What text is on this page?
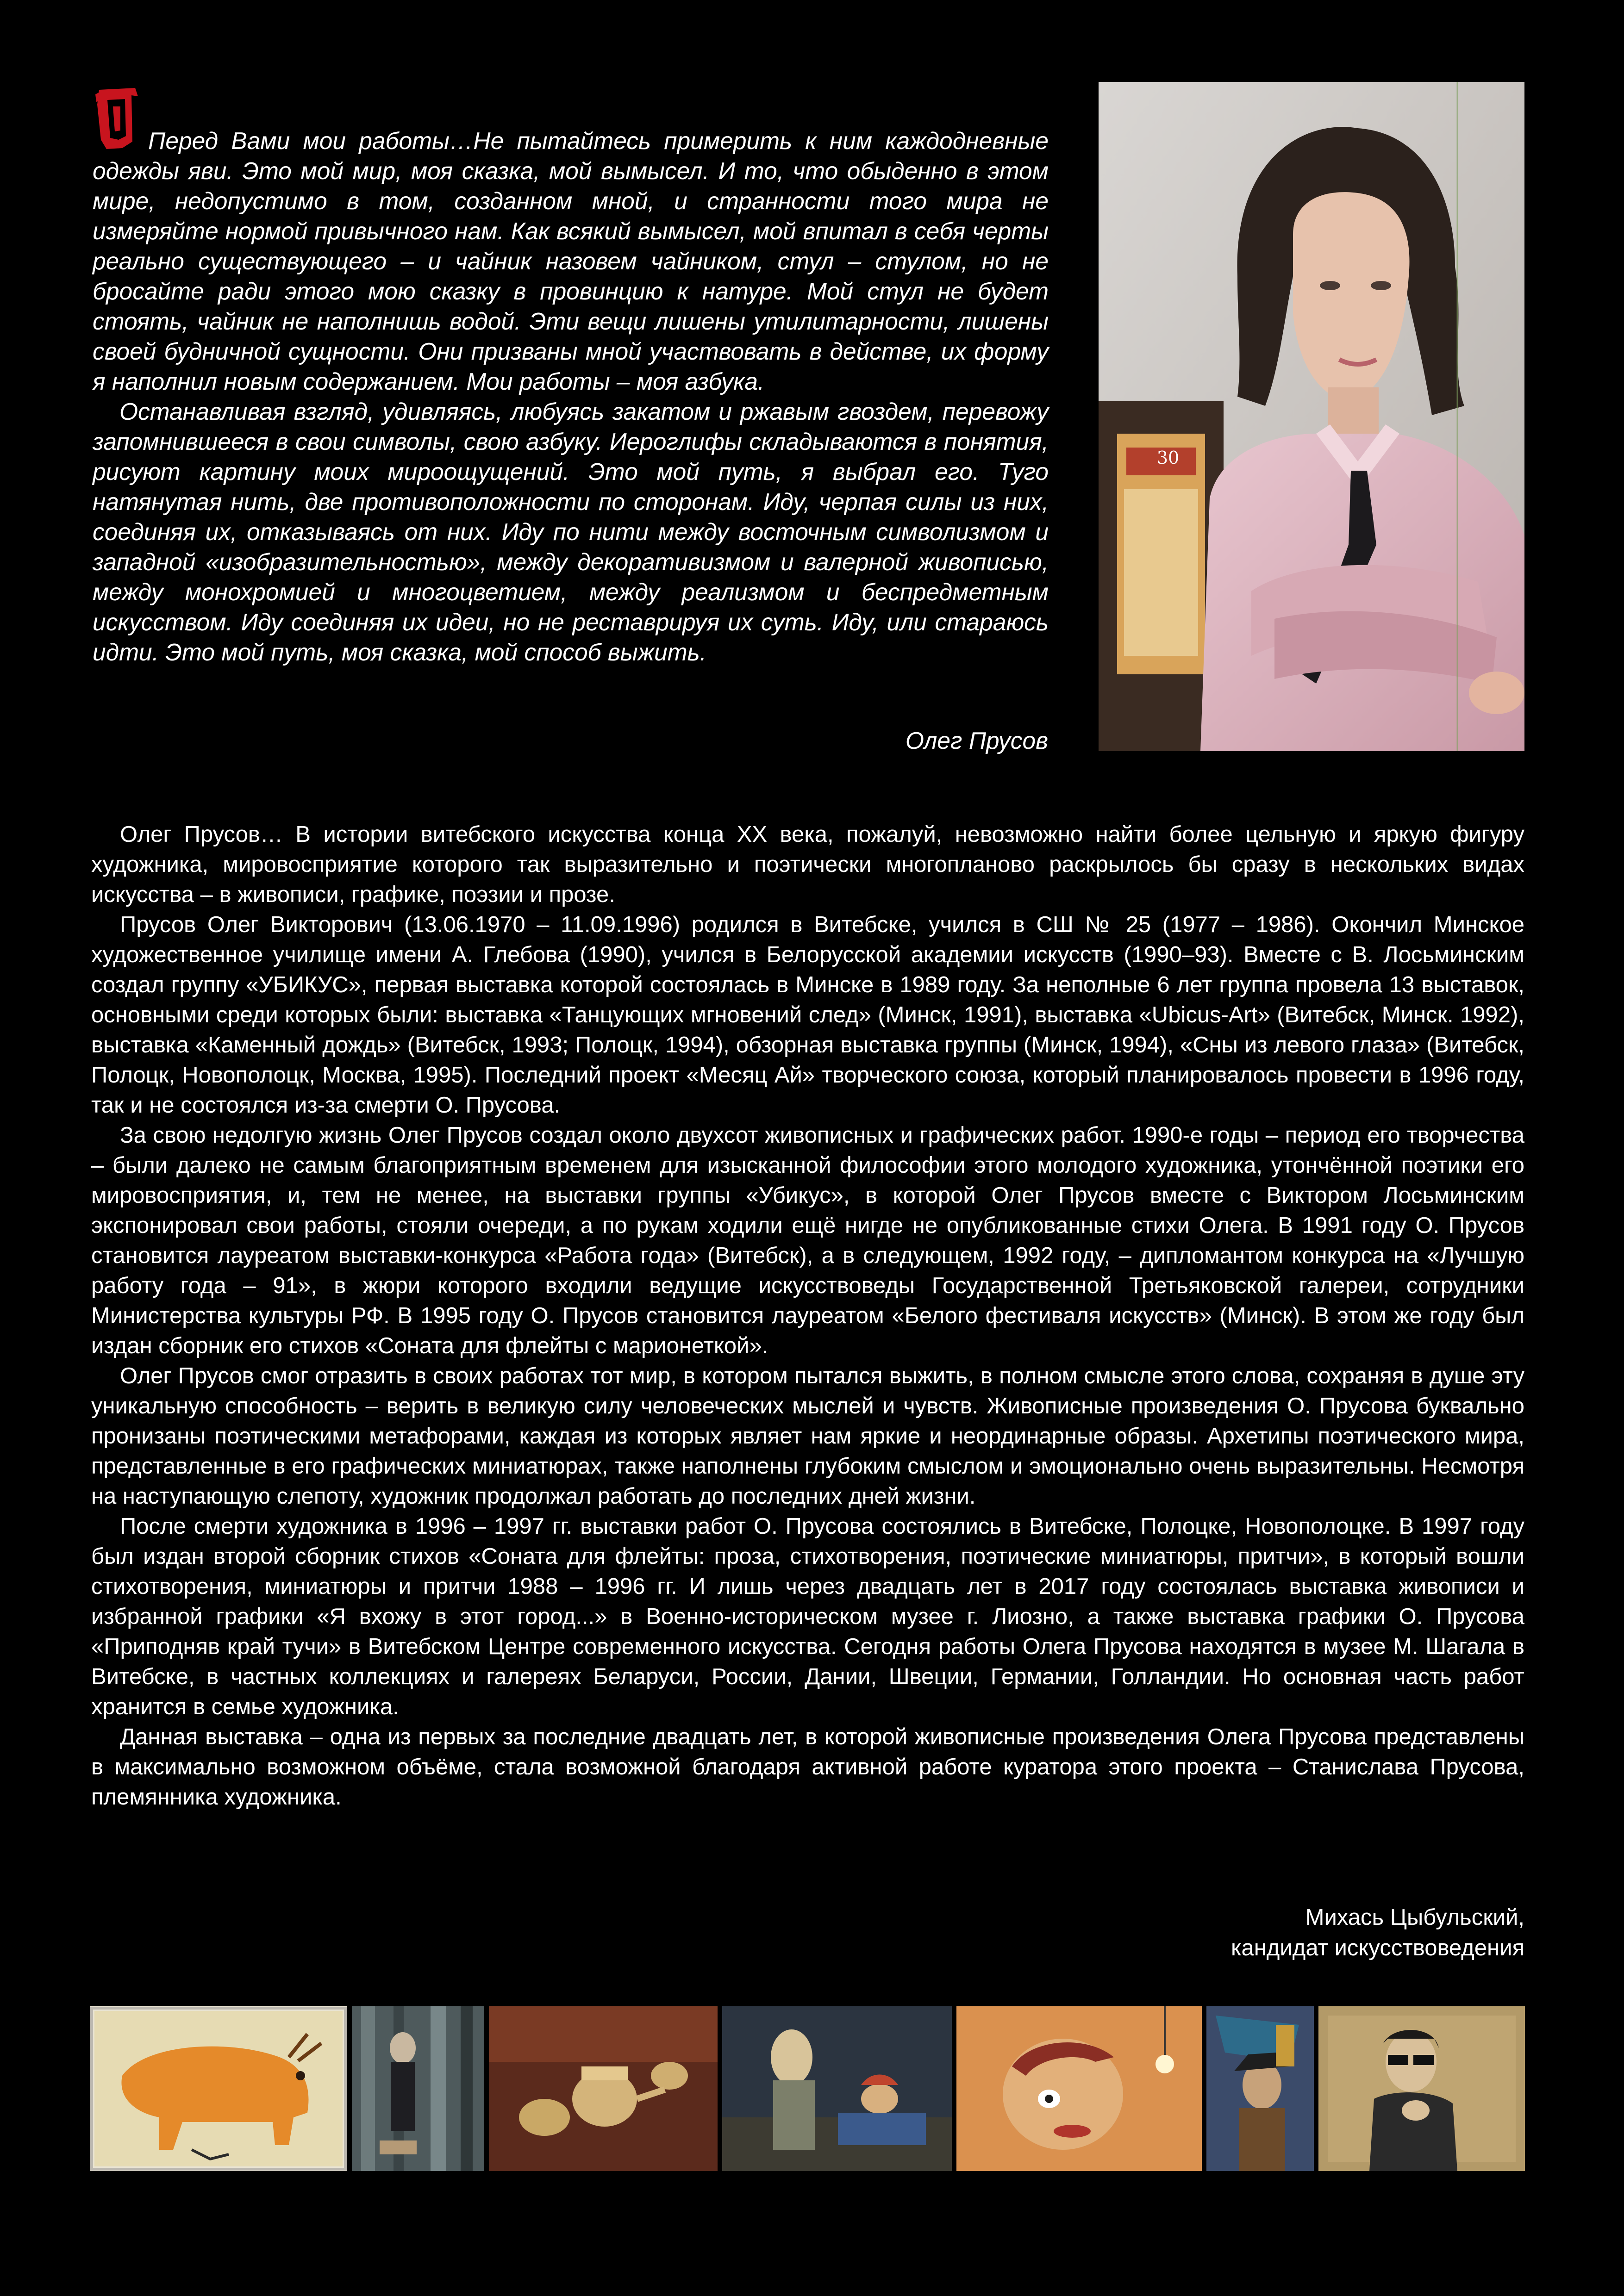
Перед Вами мои работы…Не пытайтесь примерить к ним каждодневные одежды яви. Это мой мир, моя сказка, мой вымысел. И то, что обыденно в этом мире, недопустимо в том, созданном мной, и странности того мира не измеряйте нормой привычного нам. Как всякий вымысел, мой впитал в себя черты реально существующего – и чайник назовем чайником, стул – стулом, но не бросайте ради этого мою сказку в провинцию к натуре. Мой стул не будет стоять, чайник не наполнишь водой. Эти вещи лишены утилитарности, лишены своей будничной сущности. Они призваны мной участвовать в действе, их форму я наполнил новым содержанием. Мои работы – моя азбука.

Останавливая взгляд, удивляясь, любуясь закатом и ржавым гвоздем, перевожу запомнившееся в свои символы, свою азбуку. Иероглифы складываются в понятия, рисуют картину моих мироощущений. Это мой путь, я выбрал его. Туго натянутая нить, две противоположности по сторонам. Иду, черпая силы из них, соединяя их, отказываясь от них. Иду по нити между восточным символизмом и западной «изобразительностью», между декоративизмом и валерной живописью, между монохромией и многоцветием, между реализмом и беспредметным искусством. Иду соединяя их идеи, но не реставрируя их суть. Иду, или стараюсь идти. Это мой путь, моя сказка, мой способ выжить.

Олег Прусов
30

Олег Прусов… В истории витебского искусства конца XX века, пожалуй, невозможно найти более цельную и яркую фигуру художника, мировосприятие которого так выразительно и поэтически многопланово раскрылось бы сразу в нескольких видах искусства – в живописи, графике, поэзии и прозе.

Прусов Олег Викторович (13.06.1970 – 11.09.1996) родился в Витебске, учился в СШ № 25 (1977 – 1986). Окончил Минское художественное училище имени А. Глебова (1990), учился в Белорусской академии искусств (1990–93). Вместе с В. Лосьминским создал группу «УБИКУС», первая выставка которой состоялась в Минске в 1989 году. За неполные 6 лет группа провела 13 выставок, основными среди которых были: выставка «Танцующих мгновений след» (Минск, 1991), выставка «Ubicus-Art» (Витебск, Минск. 1992), выставка «Каменный дождь» (Витебск, 1993; Полоцк, 1994), обзорная выставка группы (Минск, 1994), «Сны из левого глаза» (Витебск, Полоцк, Новополоцк, Москва, 1995). Последний проект «Месяц Ай» творческого союза, который планировалось провести в 1996 году, так и не состоялся из-за смерти О. Прусова.

За свою недолгую жизнь Олег Прусов создал около двухсот живописных и графических работ. 1990-е годы – период его творчества – были далеко не самым благоприятным временем для изысканной философии этого молодого художника, утончённой поэтики его мировосприятия, и, тем не менее, на выставки группы «Убикус», в которой Олег Прусов вместе с Виктором Лосьминским экспонировал свои работы, стояли очереди, а по рукам ходили ещё нигде не опубликованные стихи Олега. В 1991 году О. Прусов становится лауреатом выставки-конкурса «Работа года» (Витебск), а в следующем, 1992 году, – дипломантом конкурса на «Лучшую работу года – 91», в жюри которого входили ведущие искусствоведы Государственной Третьяковской галереи, сотрудники Министерства культуры РФ. В 1995 году О. Прусов становится лауреатом «Белого фестиваля искусств» (Минск). В этом же году был издан сборник его стихов «Соната для флейты с марионеткой».

Олег Прусов смог отразить в своих работах тот мир, в котором пытался выжить, в полном смысле этого слова, сохраняя в душе эту уникальную способность – верить в великую силу человеческих мыслей и чувств. Живописные произведения О. Прусова буквально пронизаны поэтическими метафорами, каждая из которых являет нам яркие и неординарные образы. Архетипы поэтического мира, представленные в его графических миниатюрах, также наполнены глубоким смыслом и эмоционально очень выразительны. Несмотря на наступающую слепоту, художник продолжал работать до последних дней жизни.

После смерти художника в 1996 – 1997 гг. выставки работ О. Прусова состоялись в Витебске, Полоцке, Новополоцке. В 1997 году был издан второй сборник стихов «Соната для флейты: проза, стихотворения, поэтические миниатюры, притчи», в который вошли стихотворения, миниатюры и притчи 1988 – 1996 гг. И лишь через двадцать лет в 2017 году состоялась выставка живописи и избранной графики «Я вхожу в этот город...» в Военно-историческом музее г. Лиозно, а также выставка графики О. Прусова «Приподняв край тучи» в Витебском Центре современного искусства. Сегодня работы Олега Прусова находятся в музее М. Шагала в Витебске, в частных коллекциях и галереях Беларуси, России, Дании, Швеции, Германии, Голландии. Но основная часть работ хранится в семье художника.

Данная выставка – одна из первых за последние двадцать лет, в которой живописные произведения Олега Прусова представлены в максимально возможном объёме, стала возможной благодаря активной работе куратора этого проекта – Станислава Прусова, племянника художника.

Михась Цыбульский,
кандидат искусствоведения
